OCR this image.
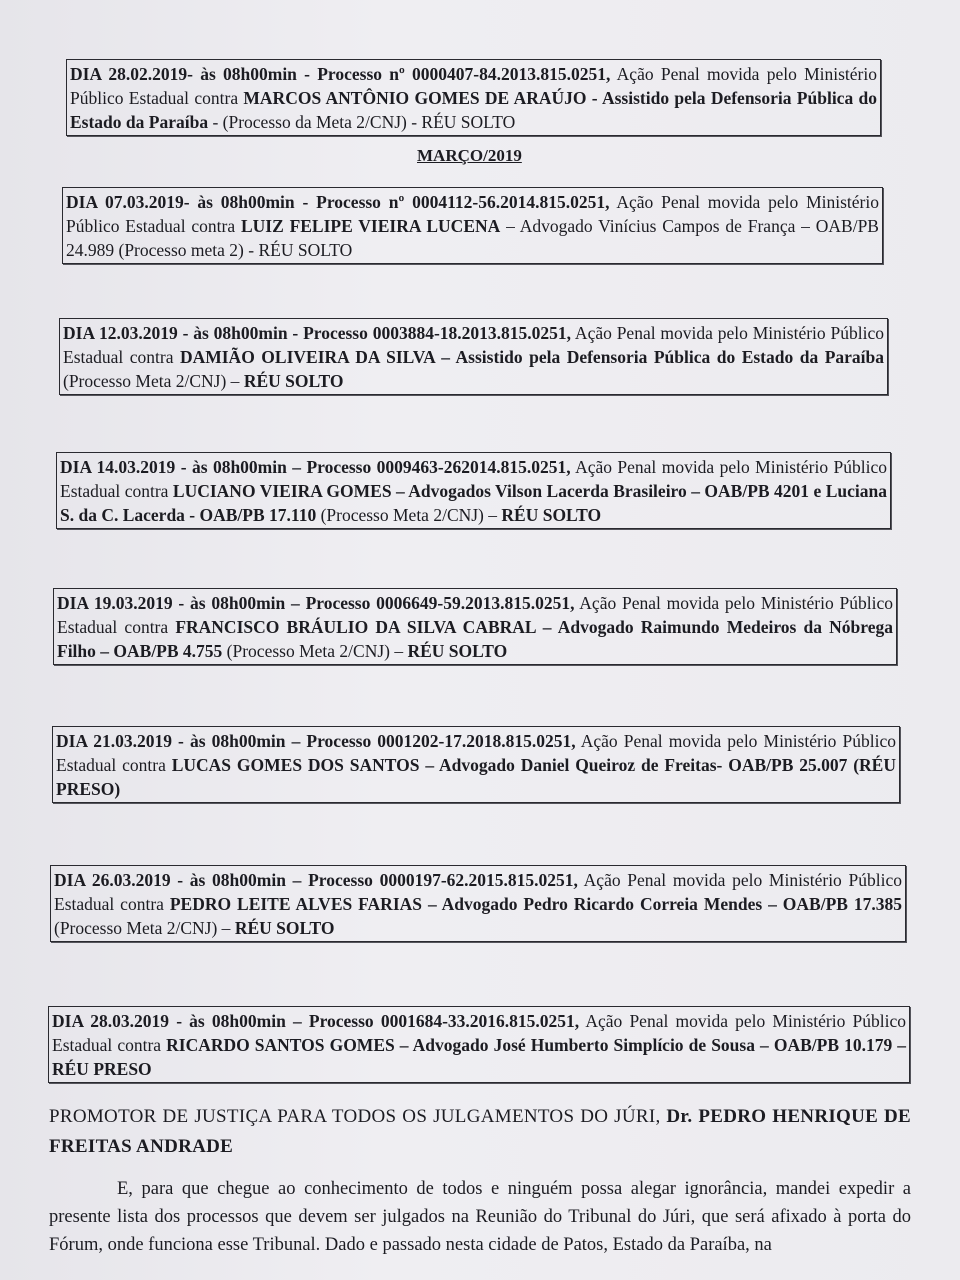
DIA 28.02.2019- às 08h00min - Processo nº 0000407-84.2013.815.0251, Ação Penal movida pelo Ministério Público Estadual contra MARCOS ANTÔNIO GOMES DE ARAÚJO - Assistido pela Defensoria Pública do Estado da Paraíba - (Processo da Meta 2/CNJ) - RÉU SOLTO
MARÇO/2019
DIA 07.03.2019- às 08h00min - Processo nº 0004112-56.2014.815.0251, Ação Penal movida pelo Ministério Público Estadual contra LUIZ FELIPE VIEIRA LUCENA – Advogado Vinícius Campos de França – OAB/PB 24.989 (Processo meta 2) - RÉU SOLTO
DIA 12.03.2019 - às 08h00min - Processo 0003884-18.2013.815.0251, Ação Penal movida pelo Ministério Público Estadual contra DAMIÃO OLIVEIRA DA SILVA – Assistido pela Defensoria Pública do Estado da Paraíba (Processo Meta 2/CNJ) – RÉU SOLTO
DIA 14.03.2019 - às 08h00min – Processo 0009463-262014.815.0251, Ação Penal movida pelo Ministério Público Estadual contra LUCIANO VIEIRA GOMES – Advogados Vilson Lacerda Brasileiro – OAB/PB 4201 e Luciana S. da C. Lacerda - OAB/PB 17.110 (Processo Meta 2/CNJ) – RÉU SOLTO
DIA 19.03.2019 - às 08h00min – Processo 0006649-59.2013.815.0251, Ação Penal movida pelo Ministério Público Estadual contra FRANCISCO BRÁULIO DA SILVA CABRAL – Advogado Raimundo Medeiros da Nóbrega Filho – OAB/PB 4.755 (Processo Meta 2/CNJ) – RÉU SOLTO
DIA 21.03.2019 - às 08h00min – Processo 0001202-17.2018.815.0251, Ação Penal movida pelo Ministério Público Estadual contra LUCAS GOMES DOS SANTOS – Advogado Daniel Queiroz de Freitas- OAB/PB 25.007 (RÉU PRESO)
DIA 26.03.2019 - às 08h00min – Processo 0000197-62.2015.815.0251, Ação Penal movida pelo Ministério Público Estadual contra PEDRO LEITE ALVES FARIAS – Advogado Pedro Ricardo Correia Mendes – OAB/PB 17.385 (Processo Meta 2/CNJ) – RÉU SOLTO
DIA 28.03.2019 - às 08h00min – Processo 0001684-33.2016.815.0251, Ação Penal movida pelo Ministério Público Estadual contra RICARDO SANTOS GOMES – Advogado José Humberto Simplício de Sousa – OAB/PB 10.179 – RÉU PRESO
PROMOTOR DE JUSTIÇA PARA TODOS OS JULGAMENTOS DO JÚRI, Dr. PEDRO HENRIQUE DE FREITAS ANDRADE
E, para que chegue ao conhecimento de todos e ninguém possa alegar ignorância, mandei expedir a presente lista dos processos que devem ser julgados na Reunião do Tribunal do Júri, que será afixado à porta do Fórum, onde funciona esse Tribunal. Dado e passado nesta cidade de Patos, Estado da Paraíba, na
